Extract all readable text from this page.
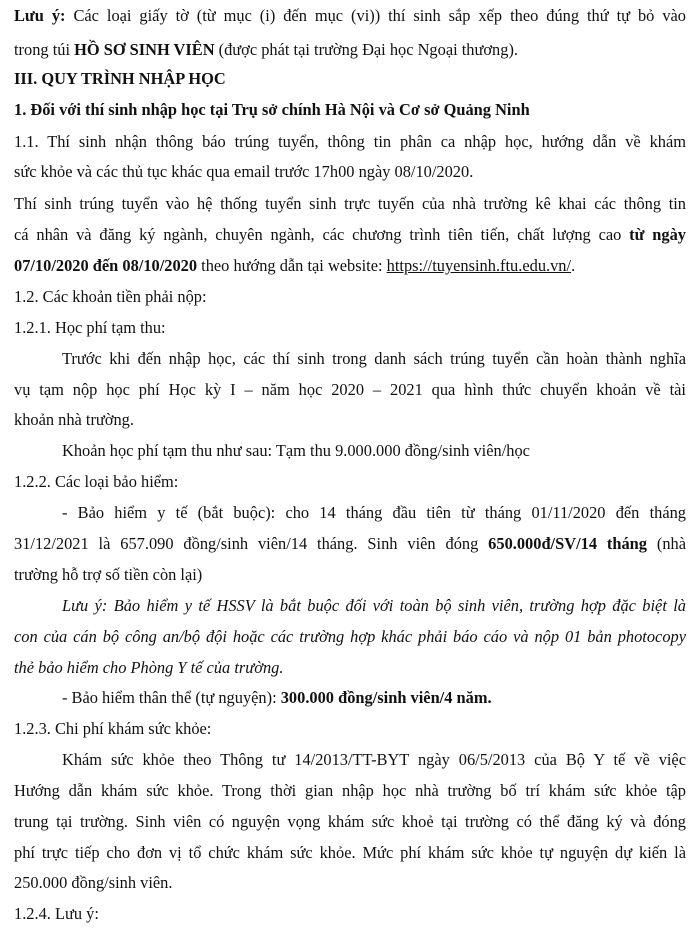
Lưu ý: Các loại giấy tờ (từ mục (i) đến mục (vi)) thí sinh sắp xếp theo đúng thứ tự bỏ vào
trong túi HỒ SƠ SINH VIÊN (được phát tại trường Đại học Ngoại thương).
III. QUY TRÌNH NHẬP HỌC
1. Đối với thí sinh nhập học tại Trụ sở chính Hà Nội và Cơ sở Quảng Ninh
1.1. Thí sinh nhận thông báo trúng tuyển, thông tin phân ca nhập học, hướng dẫn về khám
sức khỏe và các thủ tục khác qua email trước 17h00 ngày 08/10/2020.
Thí sinh trúng tuyển vào hệ thống tuyển sinh trực tuyến của nhà trường kê khai các thông tin
cá nhân và đăng ký ngành, chuyên ngành, các chương trình tiên tiến, chất lượng cao từ ngày
07/10/2020 đến 08/10/2020 theo hướng dẫn tại website: https://tuyensinh.ftu.edu.vn/.
1.2. Các khoản tiền phải nộp:
1.2.1. Học phí tạm thu:
Trước khi đến nhập học, các thí sinh trong danh sách trúng tuyển cần hoàn thành nghĩa
vụ tạm nộp học phí Học kỳ I – năm học 2020 – 2021 qua hình thức chuyển khoản về tài
khoản nhà trường.
Khoản học phí tạm thu như sau: Tạm thu 9.000.000 đồng/sinh viên/học
1.2.2. Các loại bảo hiểm:
- Bảo hiểm y tế (bắt buộc): cho 14 tháng đầu tiên từ tháng 01/11/2020 đến tháng
31/12/2021 là 657.090 đồng/sinh viên/14 tháng. Sinh viên đóng 650.000đ/SV/14 tháng (nhà
trường hỗ trợ số tiền còn lại)
Lưu ý: Bảo hiểm y tế HSSV là bắt buộc đối với toàn bộ sinh viên, trường hợp đặc biệt là
con của cán bộ công an/bộ đội hoặc các trường hợp khác phải báo cáo và nộp 01 bản photocopy
thẻ bảo hiểm cho Phòng Y tế của trường.
- Bảo hiểm thân thể (tự nguyện): 300.000 đồng/sinh viên/4 năm.
1.2.3. Chi phí khám sức khỏe:
Khám sức khỏe theo Thông tư 14/2013/TT-BYT ngày 06/5/2013 của Bộ Y tế về việc
Hướng dẫn khám sức khỏe. Trong thời gian nhập học nhà trường bố trí khám sức khỏe tập
trung tại trường. Sinh viên có nguyện vọng khám sức khoẻ tại trường có thể đăng ký và đóng
phí trực tiếp cho đơn vị tổ chức khám sức khỏe. Mức phí khám sức khỏe tự nguyện dự kiến là
250.000 đồng/sinh viên.
1.2.4. Lưu ý:
